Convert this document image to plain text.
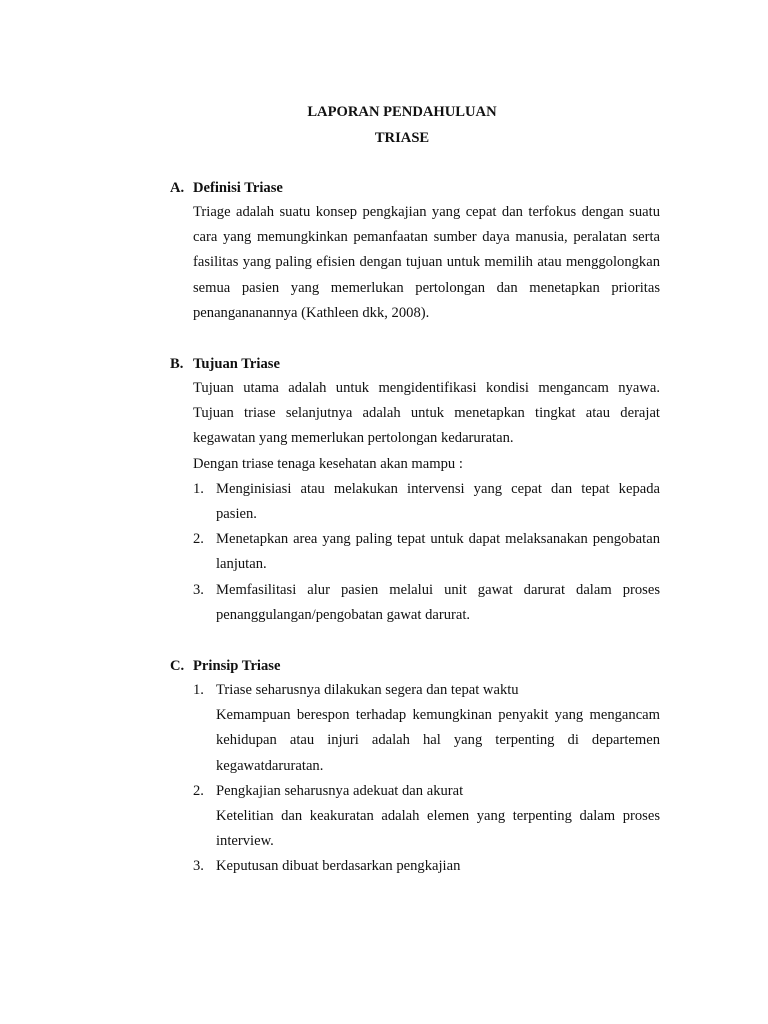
LAPORAN PENDAHULUAN
TRIASE
A. Definisi Triase
Triage adalah suatu konsep pengkajian yang cepat dan terfokus dengan suatu cara yang memungkinkan pemanfaatan sumber daya manusia, peralatan serta fasilitas yang paling efisien dengan tujuan untuk memilih atau menggolongkan semua pasien yang memerlukan pertolongan dan menetapkan prioritas penangananannya (Kathleen dkk, 2008).
B. Tujuan Triase
Tujuan utama adalah untuk mengidentifikasi kondisi mengancam nyawa. Tujuan triase selanjutnya adalah untuk menetapkan tingkat atau derajat kegawatan yang memerlukan pertolongan kedaruratan.
Dengan triase tenaga kesehatan akan mampu :
1. Menginisiasi atau melakukan intervensi yang cepat dan tepat kepada pasien.
2. Menetapkan area yang paling tepat untuk dapat melaksanakan pengobatan lanjutan.
3. Memfasilitasi alur pasien melalui unit gawat darurat dalam proses penanggulangan/pengobatan gawat darurat.
C. Prinsip Triase
1. Triase seharusnya dilakukan segera dan tepat waktu
Kemampuan berespon terhadap kemungkinan penyakit yang mengancam kehidupan atau injuri adalah hal yang terpenting di departemen kegawatdaruratan.
2. Pengkajian seharusnya adekuat dan akurat
Ketelitian dan keakuratan adalah elemen yang terpenting dalam proses interview.
3. Keputusan dibuat berdasarkan pengkajian
